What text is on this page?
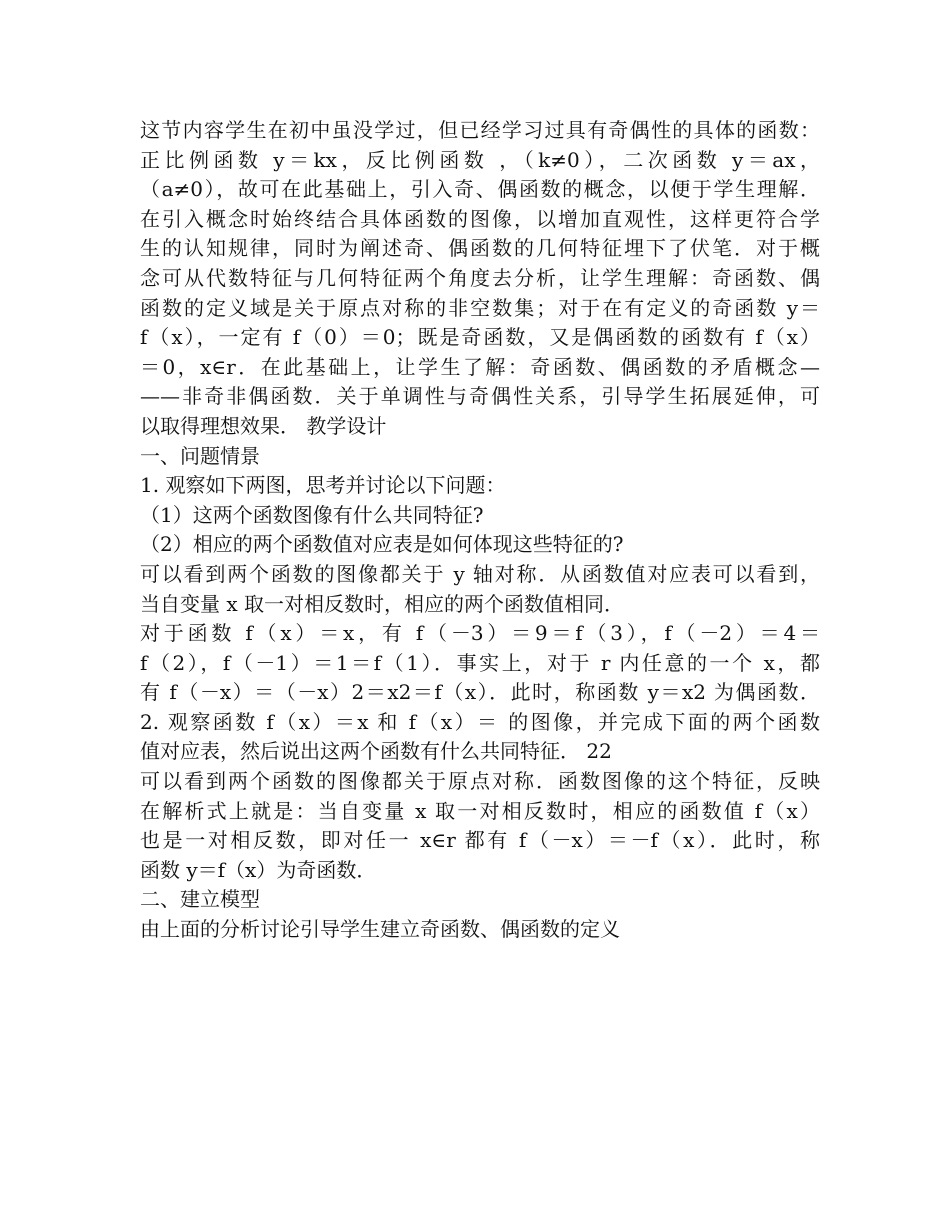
这节内容学生在初中虽没学过，但已经学习过具有奇偶性的具体的函数：
正比例函数 y＝kx，反比例函数 ，（k≠0），二次函数 y＝ax，
（a≠0），故可在此基础上，引入奇、偶函数的概念，以便于学生理解．
在引入概念时始终结合具体函数的图像，以增加直观性，这样更符合学
生的认知规律，同时为阐述奇、偶函数的几何特征埋下了伏笔．对于概
念可从代数特征与几何特征两个角度去分析，让学生理解：奇函数、偶
函数的定义域是关于原点对称的非空数集；对于在有定义的奇函数 y＝
f（x），一定有 f（0）＝0；既是奇函数，又是偶函数的函数有 f（x）
＝0，x∈r．在此基础上，让学生了解：奇函数、偶函数的矛盾概念—
——非奇非偶函数．关于单调性与奇偶性关系，引导学生拓展延伸，可
以取得理想效果． 教学设计
一、问题情景
1. 观察如下两图，思考并讨论以下问题：
（1）这两个函数图像有什么共同特征?
（2）相应的两个函数值对应表是如何体现这些特征的?
可以看到两个函数的图像都关于 y 轴对称．从函数值对应表可以看到，
当自变量 x 取一对相反数时，相应的两个函数值相同．
对于函数 f（x）＝x，有 f（－3）＝9＝f（3），f（－2）＝4＝
f（2），f（－1）＝1＝f（1）．事实上，对于 r 内任意的一个 x，都
有 f（－x）＝（－x）2＝x2＝f（x）．此时，称函数 y＝x2 为偶函数．
2. 观察函数 f（x）＝x 和 f（x）＝ 的图像，并完成下面的两个函数
值对应表，然后说出这两个函数有什么共同特征． 22
可以看到两个函数的图像都关于原点对称．函数图像的这个特征，反映
在解析式上就是：当自变量 x 取一对相反数时，相应的函数值 f（x）
也是一对相反数，即对任一 x∈r 都有 f（－x）＝－f（x）．此时，称
函数 y＝f（x）为奇函数．
二、建立模型
由上面的分析讨论引导学生建立奇函数、偶函数的定义
